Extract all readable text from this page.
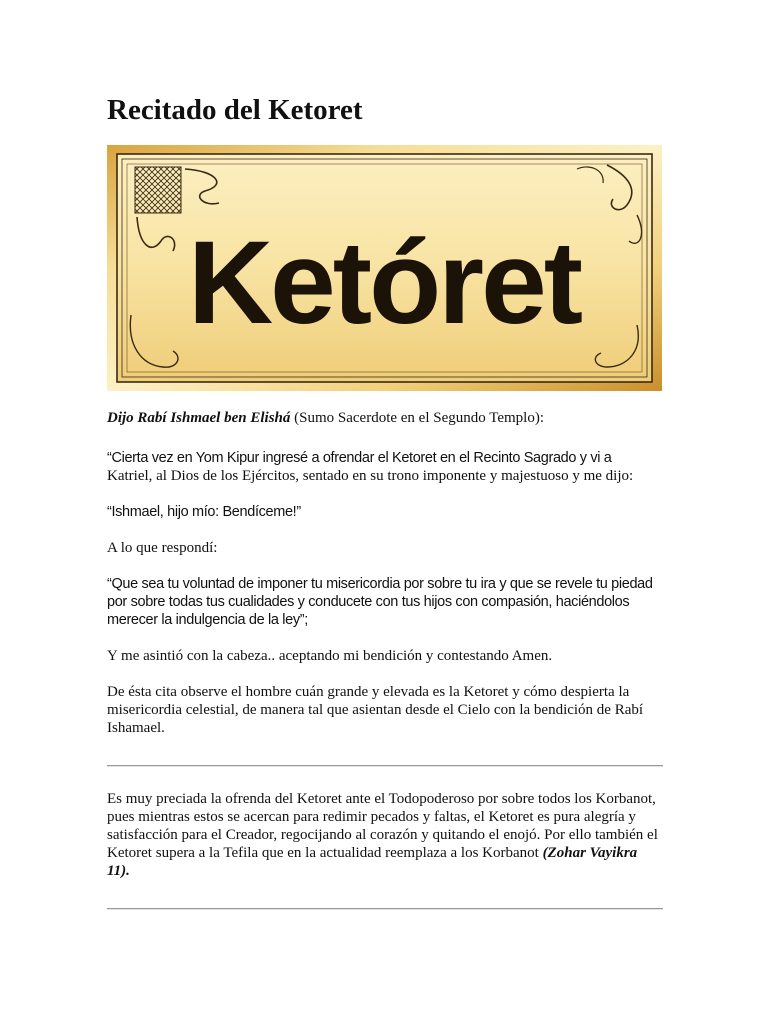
Recitado del Ketoret
Ketóret

Dijo Rabí Ishmael ben Elishá (Sumo Sacerdote en el Segundo Templo):

“Cierta vez en Yom Kipur ingresé a ofrendar el Ketoret en el Recinto Sagrado y vi a
Katriel, al Dios de los Ejércitos, sentado en su trono imponente y majestuoso y me dijo:

“Ishmael, hijo mío: Bendíceme!”

A lo que respondí:

“Que sea tu voluntad de imponer tu misericordia por sobre tu ira y que se revele tu piedad
por sobre todas tus cualidades y conducete con tus hijos con compasión, haciéndolos
merecer la indulgencia de la ley”;

Y me asintió con la cabeza.. aceptando mi bendición y contestando Amen.

De ésta cita observe el hombre cuán grande y elevada es la Ketoret y cómo despierta la
misericordia celestial, de manera tal que asientan desde el Cielo con la bendición de Rabí
Ishamael.

Es muy preciada la ofrenda del Ketoret ante el Todopoderoso por sobre todos los Korbanot,
pues mientras estos se acercan para redimir pecados y faltas, el Ketoret es pura alegría y
satisfacción para el Creador, regocijando al corazón y quitando el enojó. Por ello también el
Ketoret supera a la Tefila que en la actualidad reemplaza a los Korbanot (Zohar Vayikra
11).
